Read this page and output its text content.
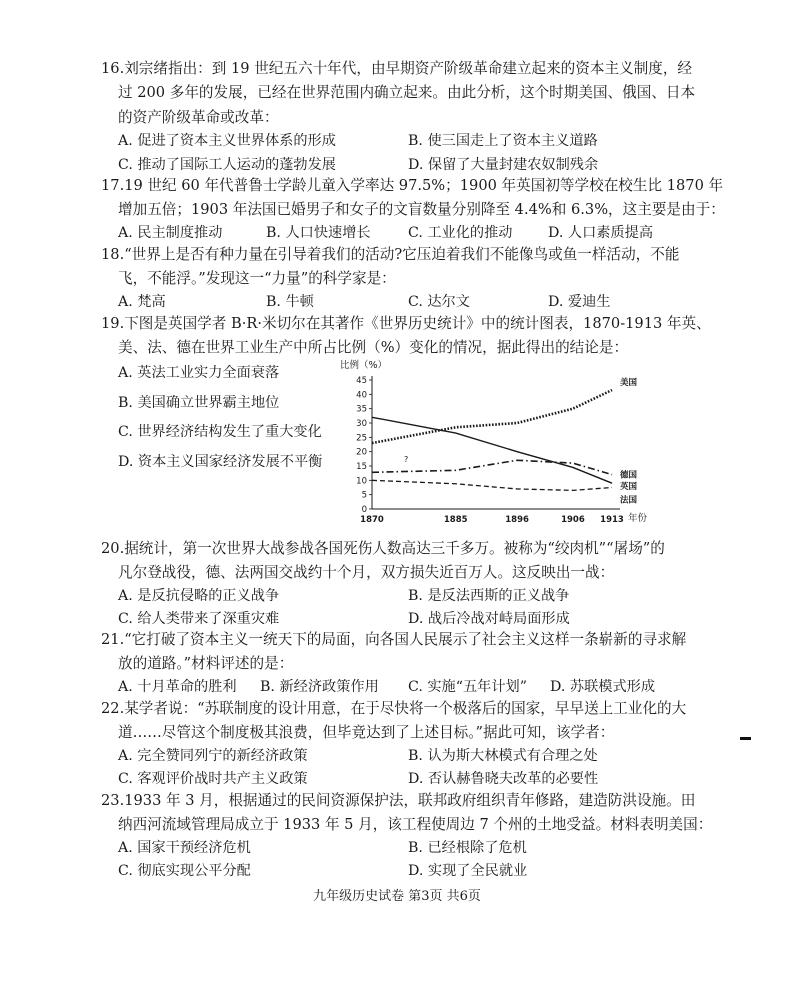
16.刘宗绪指出：到 19 世纪五六十年代，由早期资产阶级革命建立起来的资本主义制度，经
过 200 多年的发展，已经在世界范围内确立起来。由此分析，这个时期美国、俄国、日本
的资产阶级革命或改革：
A. 促进了资本主义世界体系的形成	B. 使三国走上了资本主义道路
C. 推动了国际工人运动的蓬勃发展	D. 保留了大量封建农奴制残余
17.19 世纪 60 年代普鲁士学龄儿童入学率达 97.5%；1900 年英国初等学校在校生比 1870 年
增加五倍；1903 年法国已婚男子和女子的文盲数量分别降至 4.4%和 6.3%，这主要是由于：
A. 民主制度推动	B. 人口快速增长	C. 工业化的推动	D. 人口素质提高
18.“世界上是否有种力量在引导着我们的活动?它压迫着我们不能像鸟或鱼一样活动，不能
飞，不能浮。”发现这一“力量”的科学家是：
A. 梵高	B. 牛顿	C. 达尔文	D. 爱迪生
19.下图是英国学者 B·R·米切尔在其著作《世界历史统计》中的统计图表，1870-1913 年英、
美、法、德在世界工业生产中所占比例（%）变化的情况，据此得出的结论是：
A. 英法工业实力全面衰落
B. 美国确立世界霸主地位
C. 世界经济结构发生了重大变化
D. 资本主义国家经济发展不平衡
比例（%）
年份
?
0
5
10
15
20
25
30
35
40
45
1870	1885	1896	1906 1913
美国
英国
德国
法国
20.据统计，第一次世界大战参战各国死伤人数高达三千多万。被称为“绞肉机”“屠场”的
凡尔登战役，德、法两国交战约十个月，双方损失近百万人。这反映出一战：
A. 是反抗侵略的正义战争	B. 是反法西斯的正义战争
C. 给人类带来了深重灾难	D. 战后冷战对峙局面形成
21.“它打破了资本主义一统天下的局面，向各国人民展示了社会主义这样一条崭新的寻求解
放的道路。”材料评述的是：
A. 十月革命的胜利 B. 新经济政策作用 C. 实施“五年计划” D. 苏联模式形成
22.某学者说：“苏联制度的设计用意，在于尽快将一个极落后的国家，早早送上工业化的大
道……尽管这个制度极其浪费，但毕竟达到了上述目标。”据此可知，该学者：
A. 完全赞同列宁的新经济政策	B. 认为斯大林模式有合理之处
C. 客观评价战时共产主义政策	D. 否认赫鲁晓夫改革的必要性
23.1933 年 3 月，根据通过的民间资源保护法，联邦政府组织青年修路，建造防洪设施。田
纳西河流域管理局成立于 1933 年 5 月，该工程使周边 7 个州的土地受益。材料表明美国：
A. 国家干预经济危机	B. 已经根除了危机
C. 彻底实现公平分配	D. 实现了全民就业
九年级历史试卷 第3页 共6页
